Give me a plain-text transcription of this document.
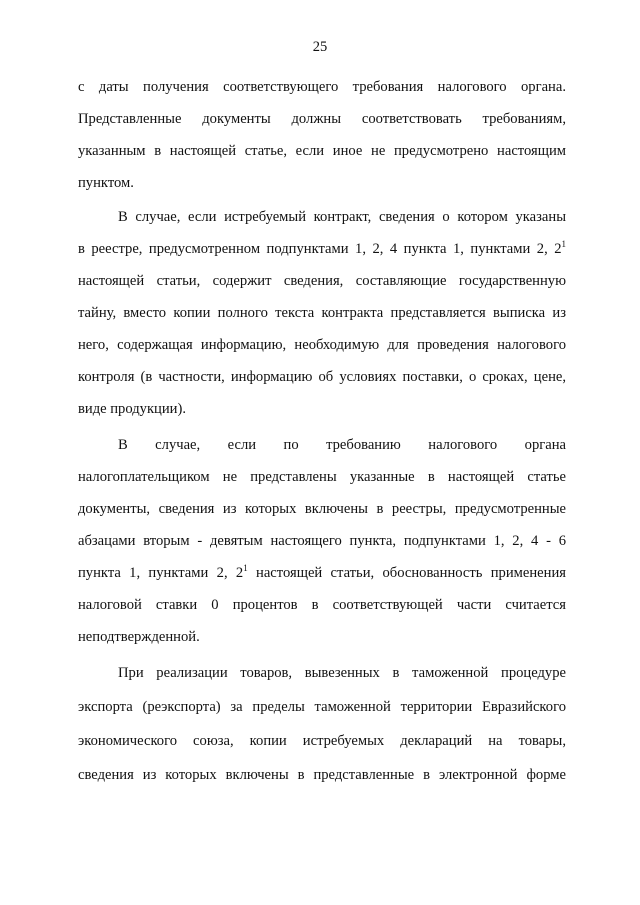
25
с даты получения соответствующего требования налогового органа.
Представленные документы должны соответствовать требованиям,
указанным в настоящей статье, если иное не предусмотрено настоящим
пунктом.
В случае, если истребуемый контракт, сведения о котором указаны
в реестре, предусмотренном подпунктами 1, 2, 4 пункта 1, пунктами 2, $2^1$
настоящей статьи, содержит сведения, составляющие государственную
тайну, вместо копии полного текста контракта представляется выписка из
него, содержащая информацию, необходимую для проведения налогового
контроля (в частности, информацию об условиях поставки, о сроках, цене,
виде продукции).
В случае, если по требованию налогового органа
налогоплательщиком не представлены указанные в настоящей статье
документы, сведения из которых включены в реестры, предусмотренные
абзацами вторым - девятым настоящего пункта, подпунктами 1, 2, 4 - 6
пункта 1, пунктами 2, $2^1$ настоящей статьи, обоснованность применения
налоговой ставки 0 процентов в соответствующей части считается
неподтвержденной.
При реализации товаров, вывезенных в таможенной процедуре
экспорта (реэкспорта) за пределы таможенной территории Евразийского
экономического союза, копии истребуемых деклараций на товары,
сведения из которых включены в представленные в электронной форме
